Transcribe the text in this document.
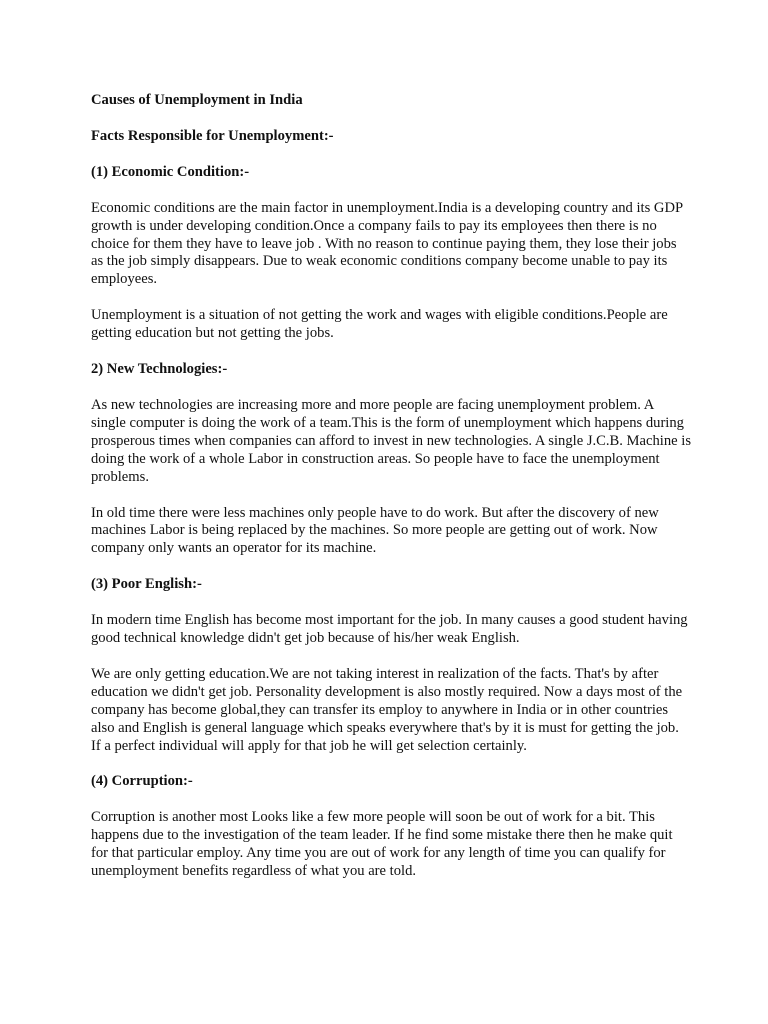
Causes of Unemployment in India

Facts Responsible for Unemployment:-

(1) Economic Condition:-

Economic conditions are the main factor in unemployment.India is a developing country and its GDP growth is under developing condition.Once a company fails to pay its employees then there is no choice for them they have to leave job . With no reason to continue paying them, they lose their jobs as the job simply disappears. Due to weak economic conditions company become unable to pay its employees.

Unemployment is a situation of not getting the work and wages with eligible conditions.People are getting education but not getting the jobs.

2) New Technologies:-

As new technologies are increasing more and more people are facing unemployment problem. A single computer is doing the work of a team.This is the form of unemployment which happens during prosperous times when companies can afford to invest in new technologies. A single J.C.B. Machine is doing the work of a whole Labor in construction areas. So people have to face the unemployment problems.

In old time there were less machines only people have to do work. But after the discovery of new machines Labor is being replaced by the machines. So more people are getting out of work. Now company only wants an operator for its machine.

(3) Poor English:-

In modern time English has become most important for the job. In many causes a good student having good technical knowledge didn't get job because of his/her weak English.

We are only getting education.We are not taking interest in realization of the facts. That's by after education we didn't get job. Personality development is also mostly required. Now a days most of the company has become global,they can transfer its employ to anywhere in India or in other countries also and English is general language which speaks everywhere that's by it is must for getting the job. If a perfect individual will apply for that job he will get selection certainly.

(4) Corruption:-

Corruption is another most Looks like a few more people will soon be out of work for a bit. This happens due to the investigation of the team leader. If he find some mistake there then he make quit for that particular employ. Any time you are out of work for any length of time you can qualify for unemployment benefits regardless of what you are told.
